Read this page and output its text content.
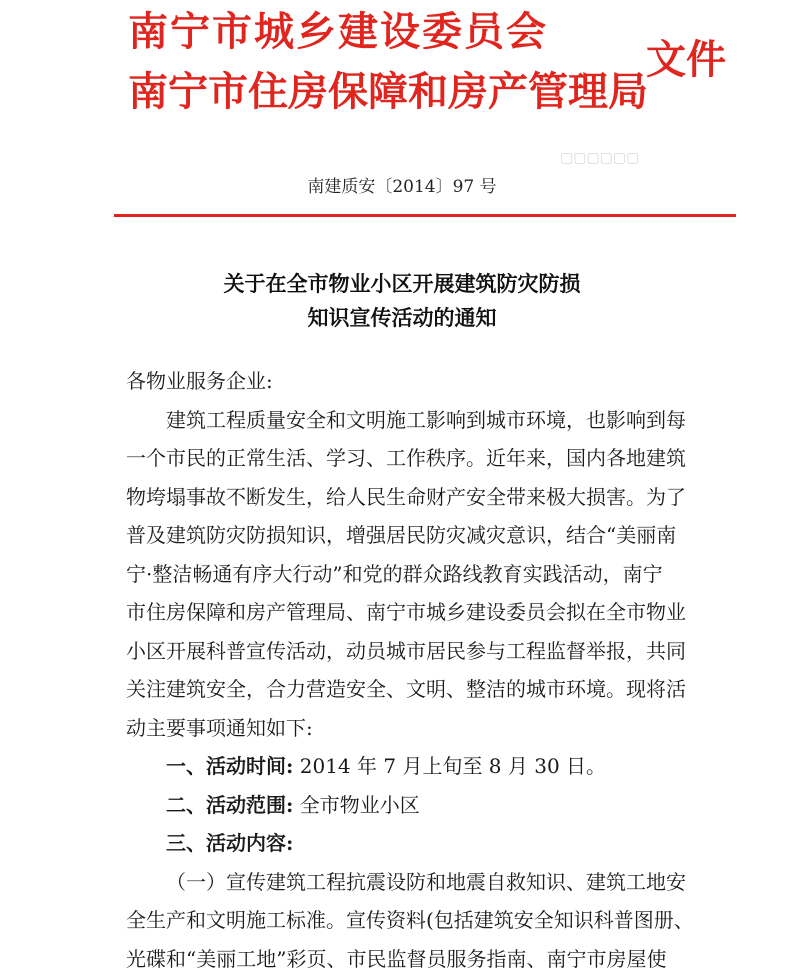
▢▢▢▢▢▢
南宁市城乡建设委员会
南宁市住房保障和房产管理局
文件
南建质安〔2014〕97 号
关于在全市物业小区开展建筑防灾防损
知识宣传活动的通知
各物业服务企业:
建筑工程质量安全和文明施工影响到城市环境，也影响到每
一个市民的正常生活、学习、工作秩序。近年来，国内各地建筑
物垮塌事故不断发生，给人民生命财产安全带来极大损害。为了
普及建筑防灾防损知识，增强居民防灾减灾意识，结合“美丽南
宁·整洁畅通有序大行动”和党的群众路线教育实践活动，南宁
市住房保障和房产管理局、南宁市城乡建设委员会拟在全市物业
小区开展科普宣传活动，动员城市居民参与工程监督举报，共同
关注建筑安全，合力营造安全、文明、整洁的城市环境。现将活
动主要事项通知如下:
一、活动时间: 2014 年 7 月上旬至 8 月 30 日。
二、活动范围: 全市物业小区
三、活动内容:
（一）宣传建筑工程抗震设防和地震自救知识、建筑工地安
全生产和文明施工标准。宣传资料(包括建筑安全知识科普图册、
光碟和“美丽工地”彩页、市民监督员服务指南、南宁市房屋使
